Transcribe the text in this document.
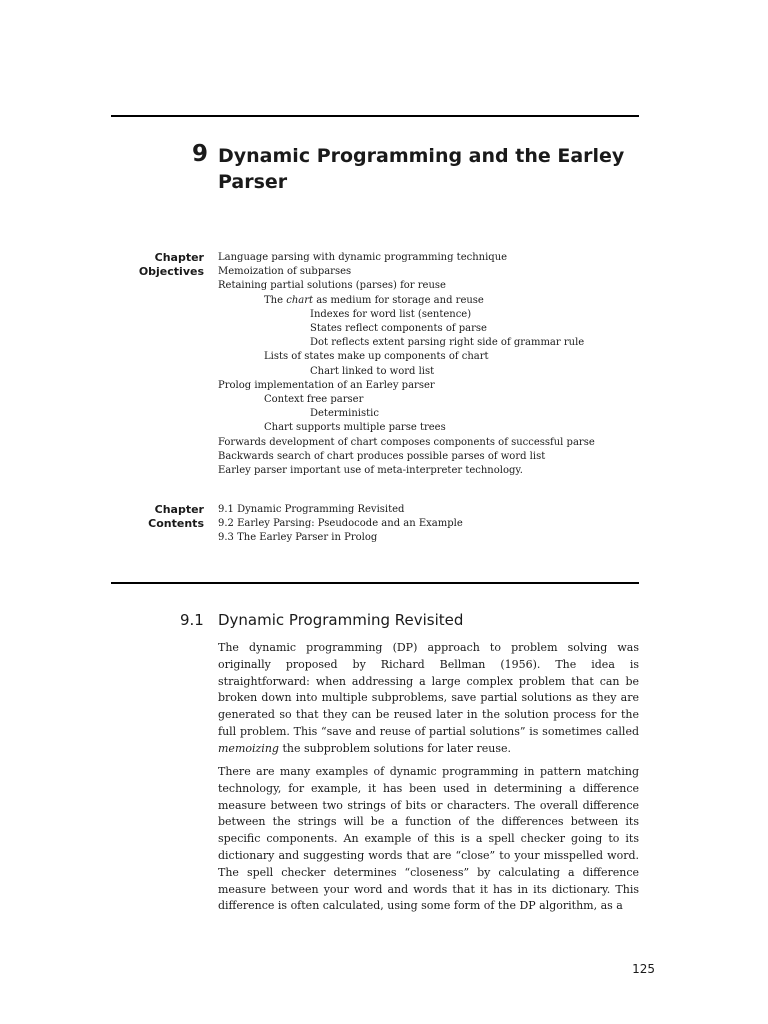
9 Dynamic Programming and the Earley Parser
Chapter
Objectives
Language parsing with dynamic programming technique
Memoization of subparses
Retaining partial solutions (parses) for reuse
The chart as medium for storage and reuse
Indexes for word list (sentence)
States reflect components of parse
Dot reflects extent parsing right side of grammar rule
Lists of states make up components of chart
Chart linked to word list
Prolog implementation of an Earley parser
Context free parser
Deterministic
Chart supports multiple parse trees
Forwards development of chart composes components of successful parse
Backwards search of chart produces possible parses of word list
Earley parser important use of meta-interpreter technology.
Chapter
Contents
9.1 Dynamic Programming Revisited
9.2 Earley Parsing: Pseudocode and an Example
9.3 The Earley Parser in Prolog
9.1 Dynamic Programming Revisited

The dynamic programming (DP) approach to problem solving was originally proposed by Richard Bellman (1956). The idea is straightforward: when addressing a large complex problem that can be broken down into multiple subproblems, save partial solutions as they are generated so that they can be reused later in the solution process for the full problem. This “save and reuse of partial solutions” is sometimes called memoizing the subproblem solutions for later reuse.

There are many examples of dynamic programming in pattern matching technology, for example, it has been used in determining a difference measure between two strings of bits or characters. The overall difference between the strings will be a function of the differences between its specific components. An example of this is a spell checker going to its dictionary and suggesting words that are “close” to your misspelled word. The spell checker determines “closeness” by calculating a difference measure between your word and words that it has in its dictionary. This difference is often calculated, using some form of the DP algorithm, as a

125
